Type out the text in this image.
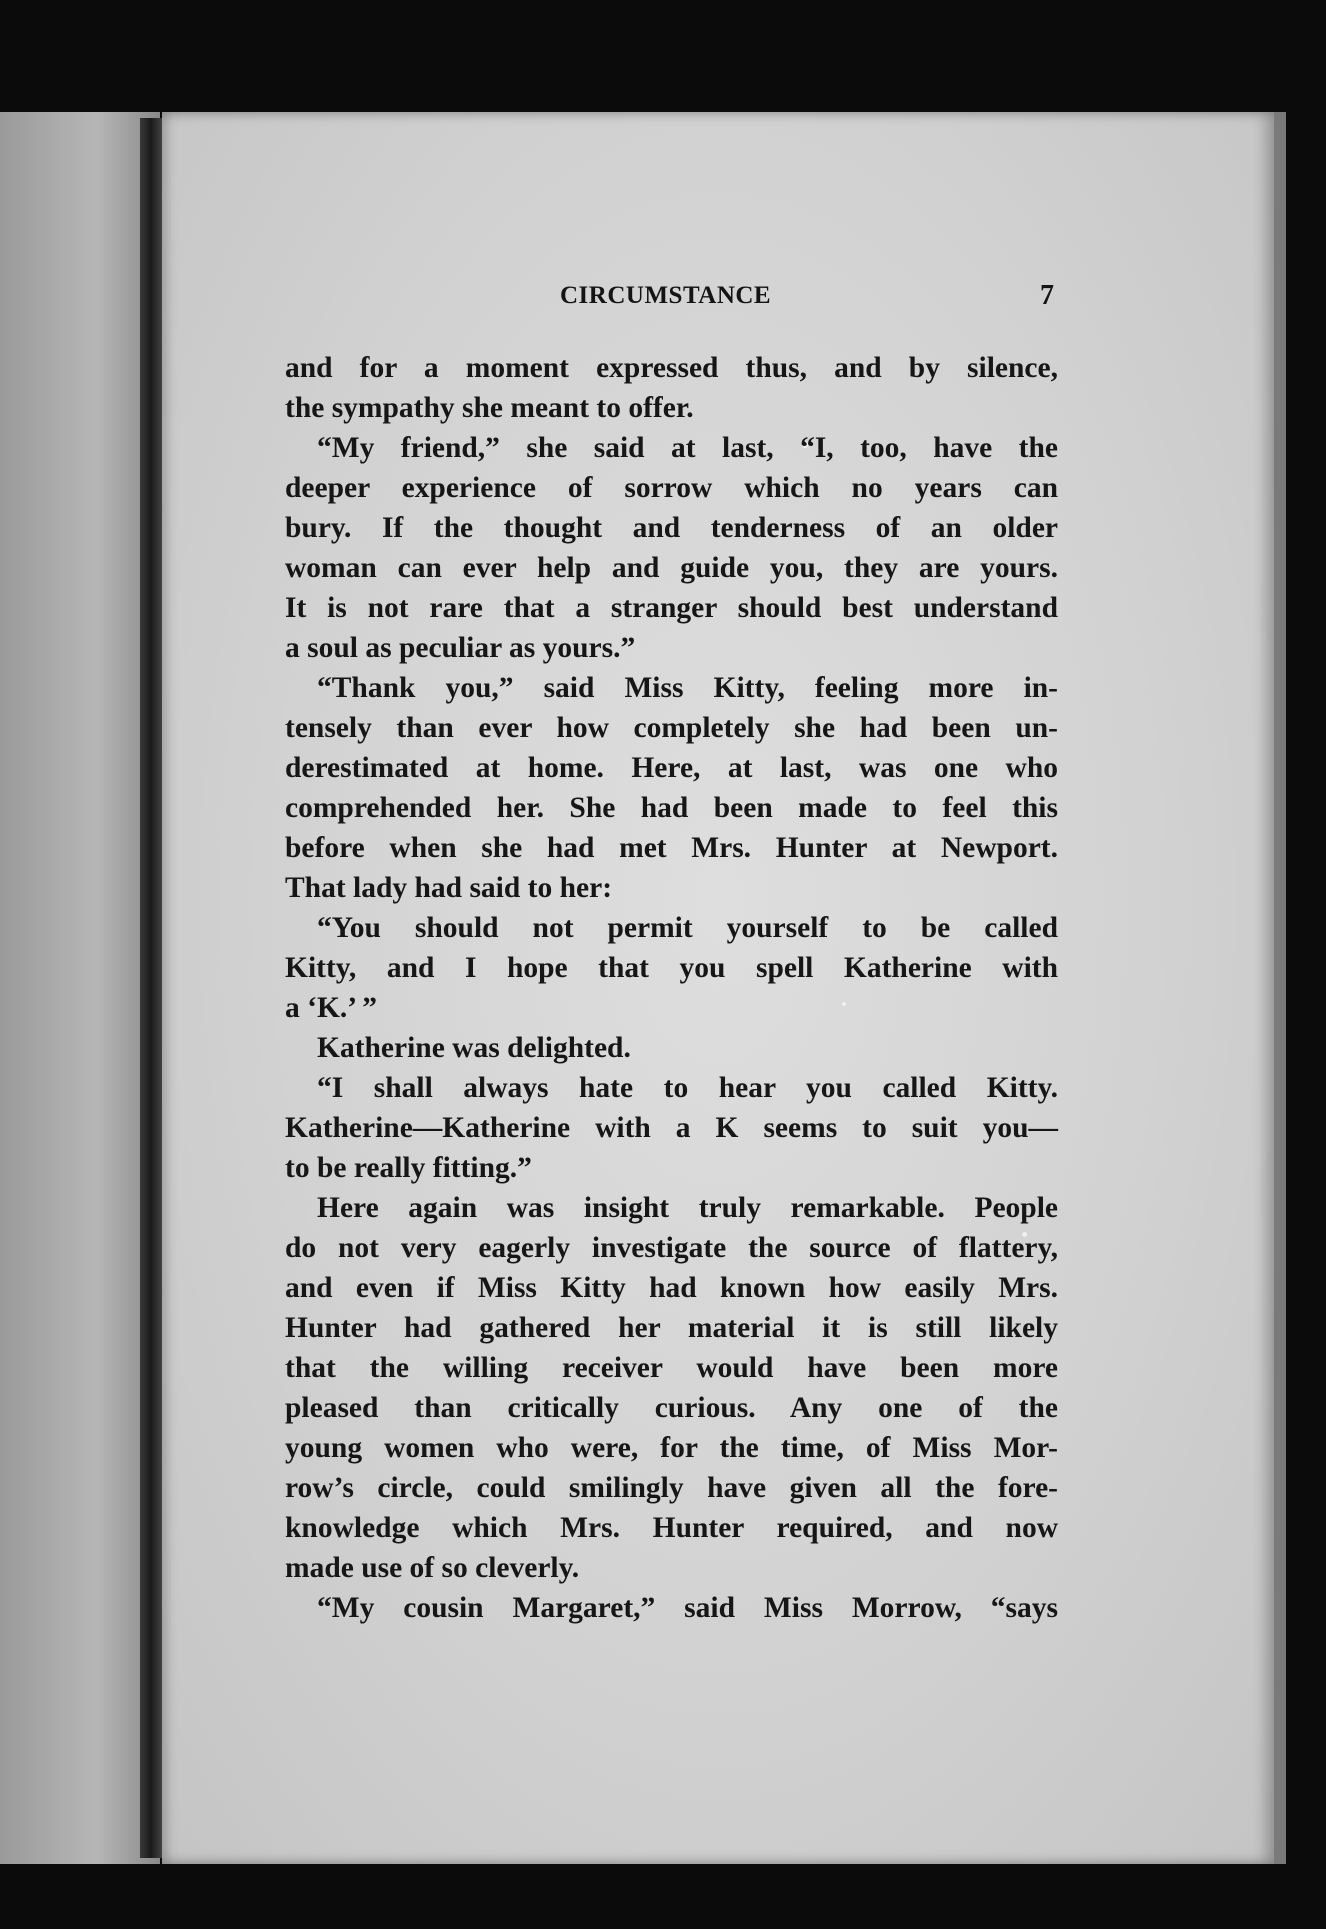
CIRCUMSTANCE	7
and for a moment expressed thus, and by silence,
the sympathy she meant to offer.
“My friend,” she said at last, “I, too, have the
deeper experience of sorrow which no years can
bury. If the thought and tenderness of an older
woman can ever help and guide you, they are yours.
It is not rare that a stranger should best understand
a soul as peculiar as yours.”
“Thank you,” said Miss Kitty, feeling more in-
tensely than ever how completely she had been un-
derestimated at home. Here, at last, was one who
comprehended her. She had been made to feel this
before when she had met Mrs. Hunter at Newport.
That lady had said to her:
“You should not permit yourself to be called
Kitty, and I hope that you spell Katherine with
a ‘K.’ ”
Katherine was delighted.
“I shall always hate to hear you called Kitty.
Katherine—Katherine with a K seems to suit you—
to be really fitting.”
Here again was insight truly remarkable. People
do not very eagerly investigate the source of flattery,
and even if Miss Kitty had known how easily Mrs.
Hunter had gathered her material it is still likely
that the willing receiver would have been more
pleased than critically curious. Any one of the
young women who were, for the time, of Miss Mor-
row’s circle, could smilingly have given all the fore-
knowledge which Mrs. Hunter required, and now
made use of so cleverly.
“My cousin Margaret,” said Miss Morrow, “says
